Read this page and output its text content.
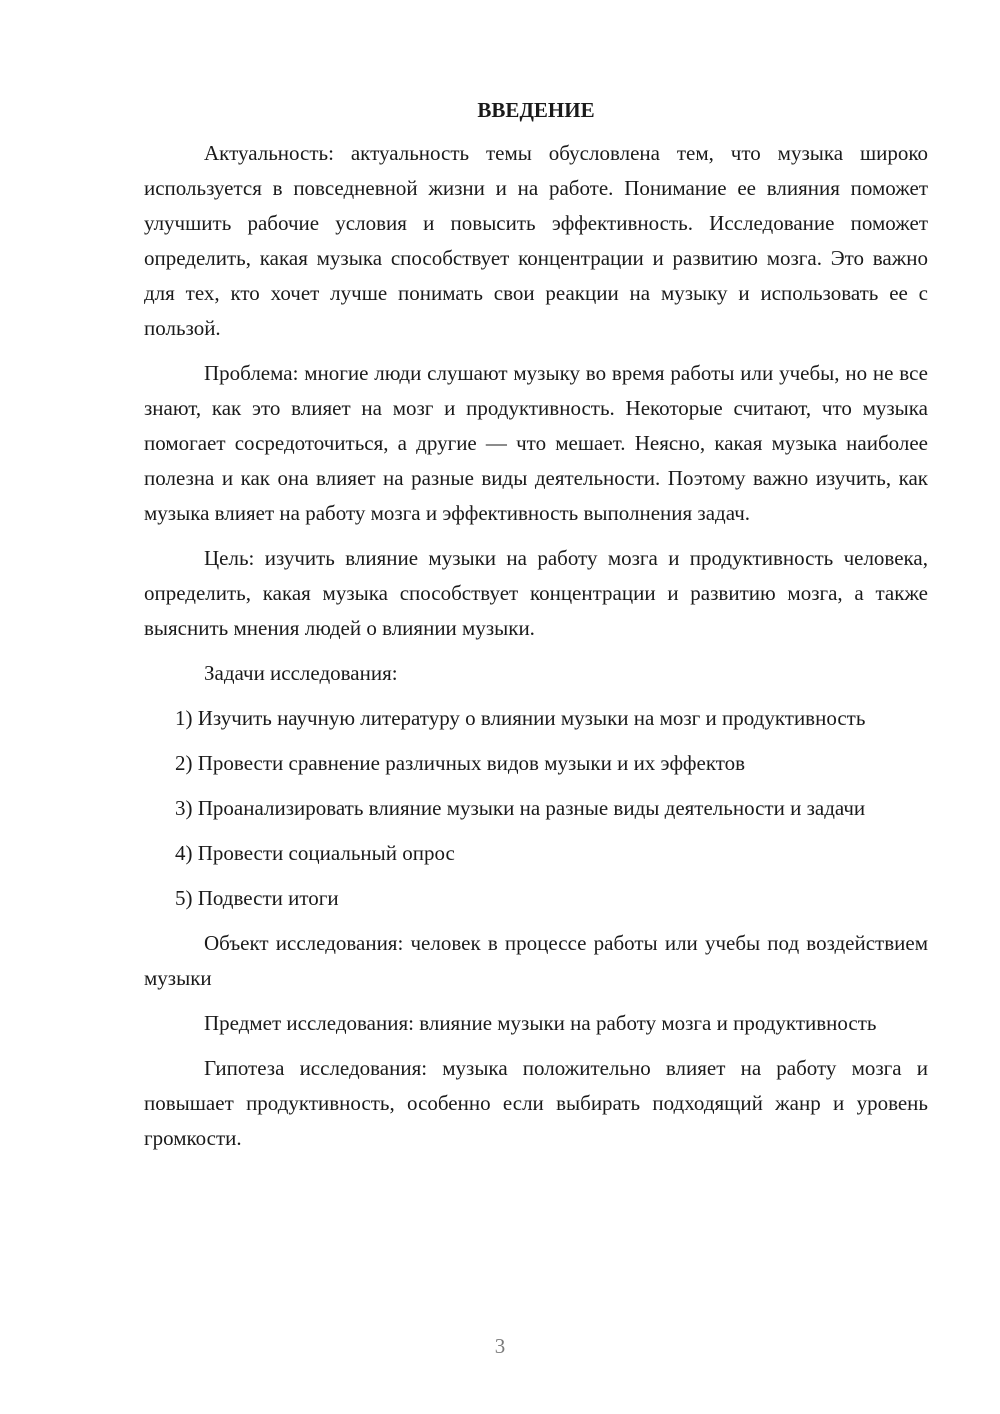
ВВЕДЕНИЕ

Актуальность: актуальность темы обусловлена тем, что музыка широко используется в повседневной жизни и на работе. Понимание ее влияния поможет улучшить рабочие условия и повысить эффективность. Исследование поможет определить, какая музыка способствует концентрации и развитию мозга. Это важно для тех, кто хочет лучше понимать свои реакции на музыку и использовать ее с пользой.

Проблема: многие люди слушают музыку во время работы или учебы, но не все знают, как это влияет на мозг и продуктивность. Некоторые считают, что музыка помогает сосредоточиться, а другие — что мешает. Неясно, какая музыка наиболее полезна и как она влияет на разные виды деятельности. Поэтому важно изучить, как музыка влияет на работу мозга и эффективность выполнения задач.

Цель: изучить влияние музыки на работу мозга и продуктивность человека, определить, какая музыка способствует концентрации и развитию мозга, а также выяснить мнения людей о влиянии музыки.

Задачи исследования:

1) Изучить научную литературу о влиянии музыки на мозг и продуктивность

2) Провести сравнение различных видов музыки и их эффектов

3) Проанализировать влияние музыки на разные виды деятельности и задачи

4) Провести социальный опрос

5) Подвести итоги

Объект исследования: человек в процессе работы или учебы под воздействием музыки

Предмет исследования: влияние музыки на работу мозга и продуктивность

Гипотеза исследования: музыка положительно влияет на работу мозга и повышает продуктивность, особенно если выбирать подходящий жанр и уровень громкости.

3
